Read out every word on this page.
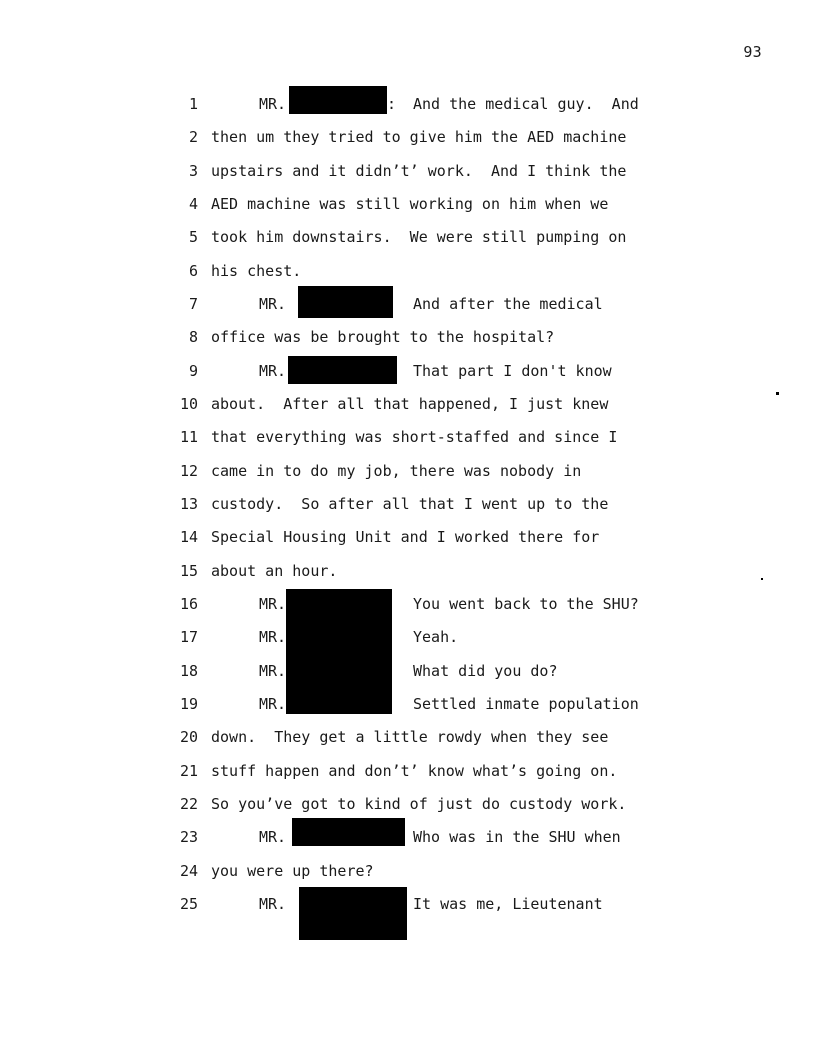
93

1

	MR.

	:

And the medical guy.  And

2

then um they tried to give him the AED machine

3

upstairs and it didn’t’ work.  And I think the

4

AED machine was still working on him when we

5

took him downstairs.  We were still pumping on

6

his chest.

7

	MR.

	And after the medical

8

office was be brought to the hospital?

9

	MR.

	That part I don't know

10

about.  After all that happened, I just knew

11

that everything was short-staffed and since I

12

came in to do my job, there was nobody in

13

custody.  So after all that I went up to the

14

Special Housing Unit and I worked there for

15

about an hour.

16

	MR.

	You went back to the SHU?

17

	MR.

	Yeah.

18

	MR.

	What did you do?

19

	MR.

	Settled inmate population

20

down.  They get a little rowdy when they see

21

stuff happen and don’t’ know what’s going on.

22

So you’ve got to kind of just do custody work.

23

	MR.

	Who was in the SHU when

24

you were up there?

25

	MR.

	It was me, Lieutenant
